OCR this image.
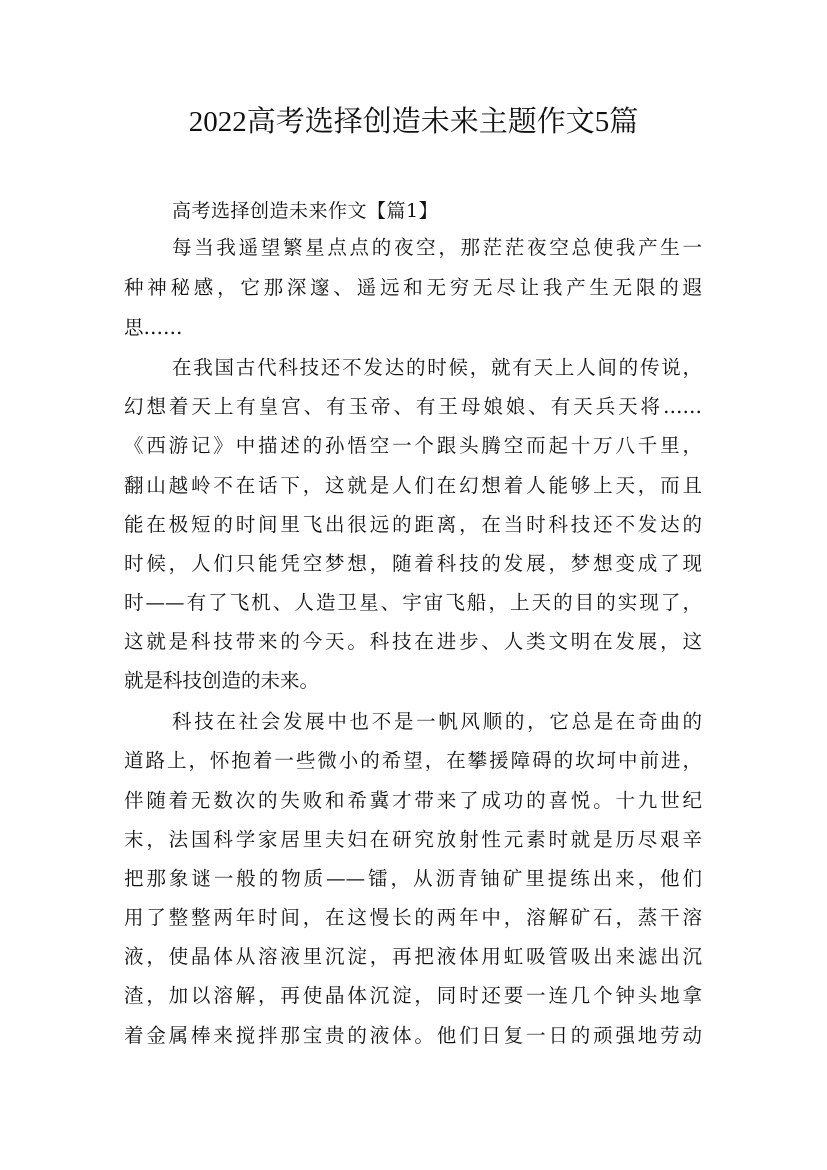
2022高考选择创造未来主题作文5篇
高考选择创造未来作文【篇1】
每当我遥望繁星点点的夜空，那茫茫夜空总使我产生一
种神秘感，它那深邃、遥远和无穷无尽让我产生无限的遐
思……
在我国古代科技还不发达的时候，就有天上人间的传说，
幻想着天上有皇宫、有玉帝、有王母娘娘、有天兵天将……
《西游记》中描述的孙悟空一个跟头腾空而起十万八千里，
翻山越岭不在话下，这就是人们在幻想着人能够上天，而且
能在极短的时间里飞出很远的距离，在当时科技还不发达的
时候，人们只能凭空梦想，随着科技的发展，梦想变成了现
时——有了飞机、人造卫星、宇宙飞船，上天的目的实现了，
这就是科技带来的今天。科技在进步、人类文明在发展，这
就是科技创造的未来。
科技在社会发展中也不是一帆风顺的，它总是在奇曲的
道路上，怀抱着一些微小的希望，在攀援障碍的坎坷中前进，
伴随着无数次的失败和希冀才带来了成功的喜悦。十九世纪
末，法国科学家居里夫妇在研究放射性元素时就是历尽艰辛
把那象谜一般的物质——镭，从沥青铀矿里提练出来，他们
用了整整两年时间，在这慢长的两年中，溶解矿石，蒸干溶
液，使晶体从溶液里沉淀，再把液体用虹吸管吸出来滤出沉
渣，加以溶解，再使晶体沉淀，同时还要一连几个钟头地拿
着金属棒来搅拌那宝贵的液体。他们日复一日的顽强地劳动
